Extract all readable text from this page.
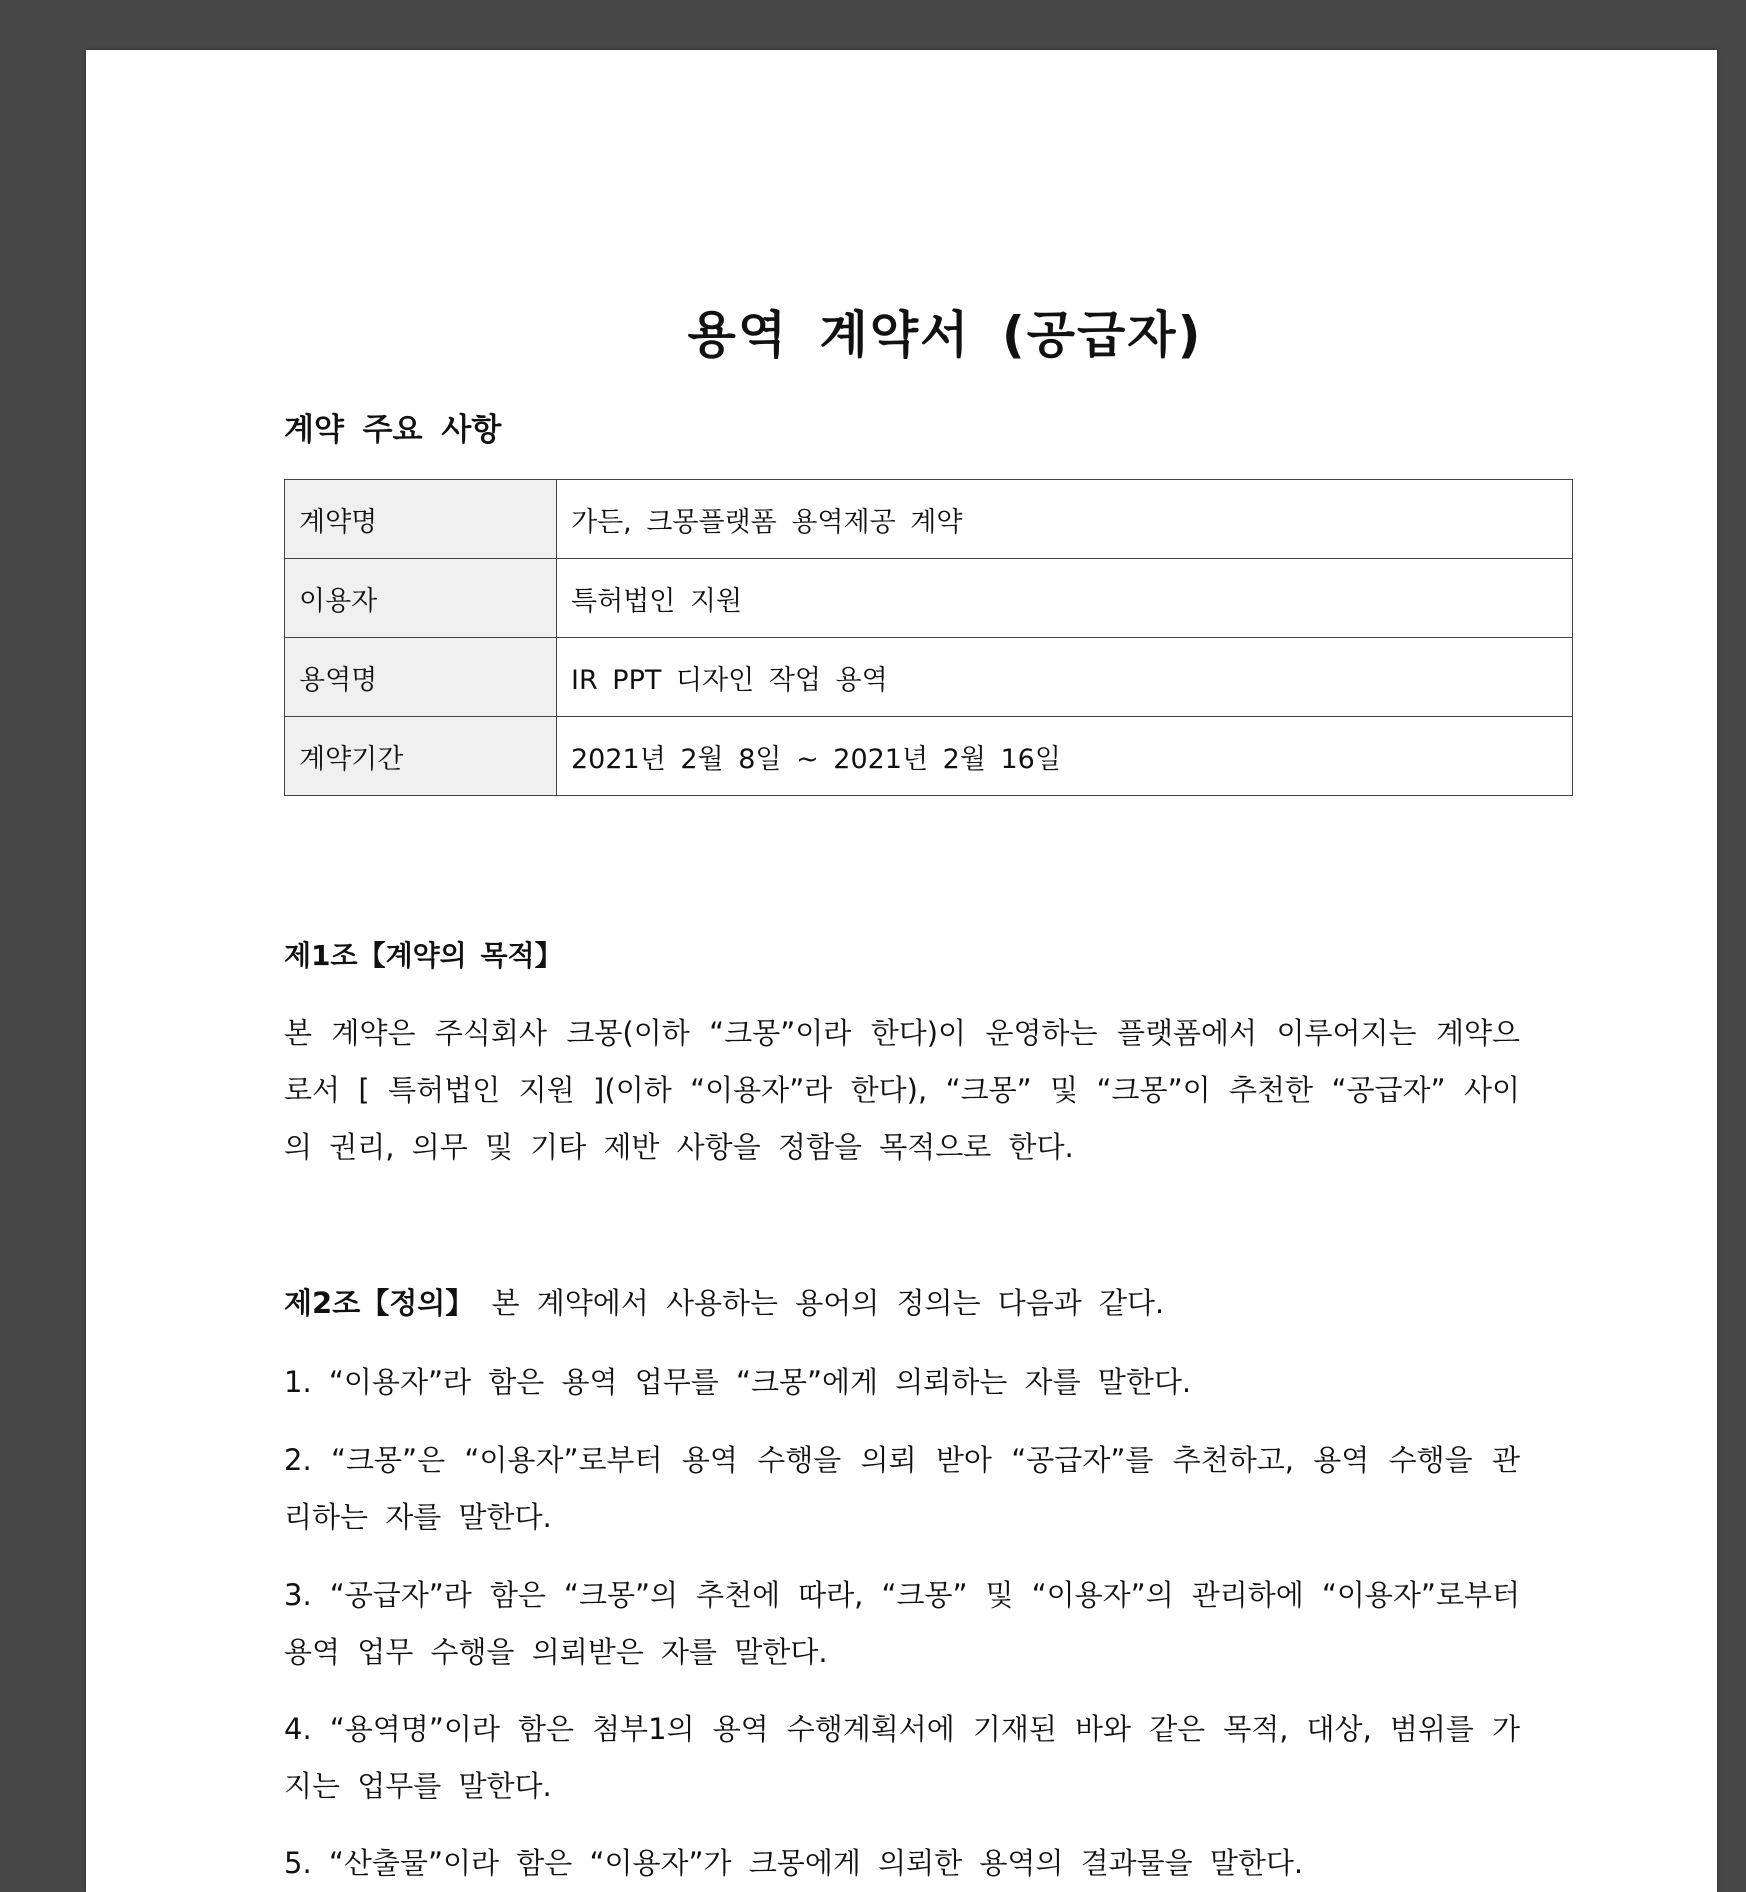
용역 계약서 (공급자)
계약 주요 사항
계약명	가든, 크몽플랫폼 용역제공 계약
이용자	특허법인 지원
용역명	IR PPT 디자인 작업 용역
계약기간	2021년 2월 8일 ~ 2021년 2월 16일
제1조【계약의 목적】
본 계약은 주식회사 크몽(이하 “크몽”이라 한다)이 운영하는 플랫폼에서 이루어지는 계약으로서 [ 특허법인 지원 ](이하 “이용자”라 한다), “크몽” 및 “크몽”이 추천한 “공급자” 사이의 권리, 의무 및 기타 제반 사항을 정함을 목적으로 한다.
제2조【정의】 본 계약에서 사용하는 용어의 정의는 다음과 같다.
1. “이용자”라 함은 용역 업무를 “크몽”에게 의뢰하는 자를 말한다.
2. “크몽”은 “이용자”로부터 용역 수행을 의뢰 받아 “공급자”를 추천하고, 용역 수행을 관리하는 자를 말한다.
3. “공급자”라 함은 “크몽”의 추천에 따라, “크몽” 및 “이용자”의 관리하에 “이용자”로부터 용역 업무 수행을 의뢰받은 자를 말한다.
4. “용역명”이라 함은 첨부1의 용역 수행계획서에 기재된 바와 같은 목적, 대상, 범위를 가지는 업무를 말한다.
5. “산출물”이라 함은 “이용자”가 크몽에게 의뢰한 용역의 결과물을 말한다.
